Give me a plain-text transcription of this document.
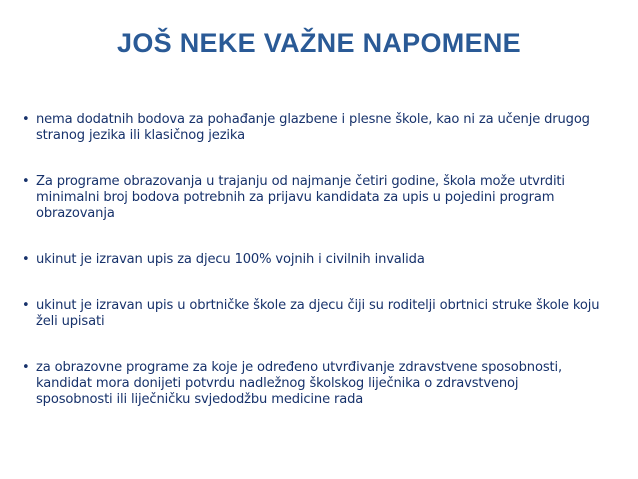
JOŠ NEKE VAŽNE NAPOMENE
• nema dodatnih bodova za pohađanje glazbene i plesne škole, kao ni za učenje drugog stranog jezika ili klasičnog jezika
• Za programe obrazovanja u trajanju od najmanje četiri godine, škola može utvrditi minimalni broj bodova potrebnih za prijavu kandidata za upis u pojedini program obrazovanja
• ukinut je izravan upis za djecu 100% vojnih i civilnih invalida
• ukinut je izravan upis u obrtničke škole za djecu čiji su roditelji obrtnici struke škole koju želi upisati
• za obrazovne programe za koje je određeno utvrđivanje zdravstvene sposobnosti, kandidat mora donijeti potvrdu nadležnog školskog liječnika o zdravstvenoj sposobnosti ili liječničku svjedodžbu medicine rada
